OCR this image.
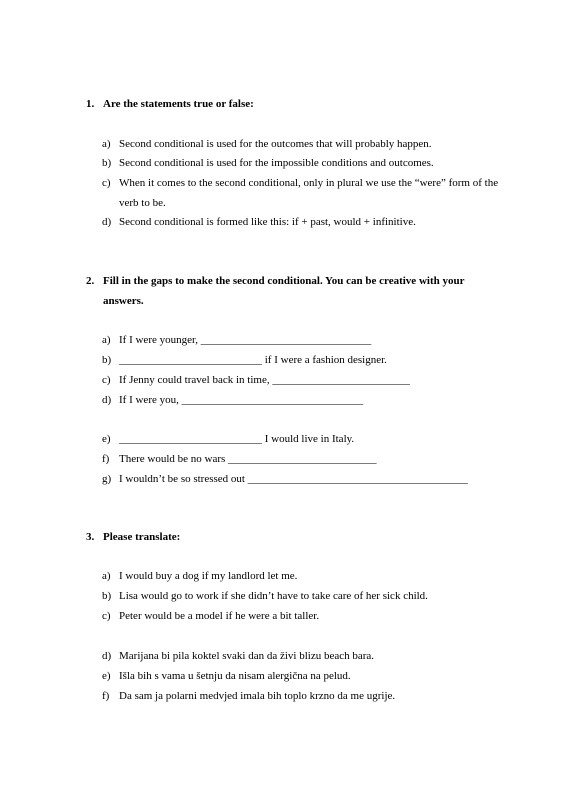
1. Are the statements true or false:
a) Second conditional is used for the outcomes that will probably happen.
b) Second conditional is used for the impossible conditions and outcomes.
c) When it comes to the second conditional, only in plural we use the “were” form of the verb to be.
d) Second conditional is formed like this: if + past, would + infinitive.
2. Fill in the gaps to make the second conditional. You can be creative with your answers.
a) If I were younger, _______________________________
b) __________________________ if I were a fashion designer.
c) If Jenny could travel back in time, _________________________
d) If I were you, _________________________________
e) __________________________ I would live in Italy.
f) There would be no wars ___________________________
g) I wouldn’t be so stressed out ________________________________________
3. Please translate:
a) I would buy a dog if my landlord let me.
b) Lisa would go to work if she didn’t have to take care of her sick child.
c) Peter would be a model if he were a bit taller.
d) Marijana bi pila koktel svaki dan da živi blizu beach bara.
e) Išla bih s vama u šetnju da nisam alergična na pelud.
f) Da sam ja polarni medvjed imala bih toplo krzno da me ugrije.
